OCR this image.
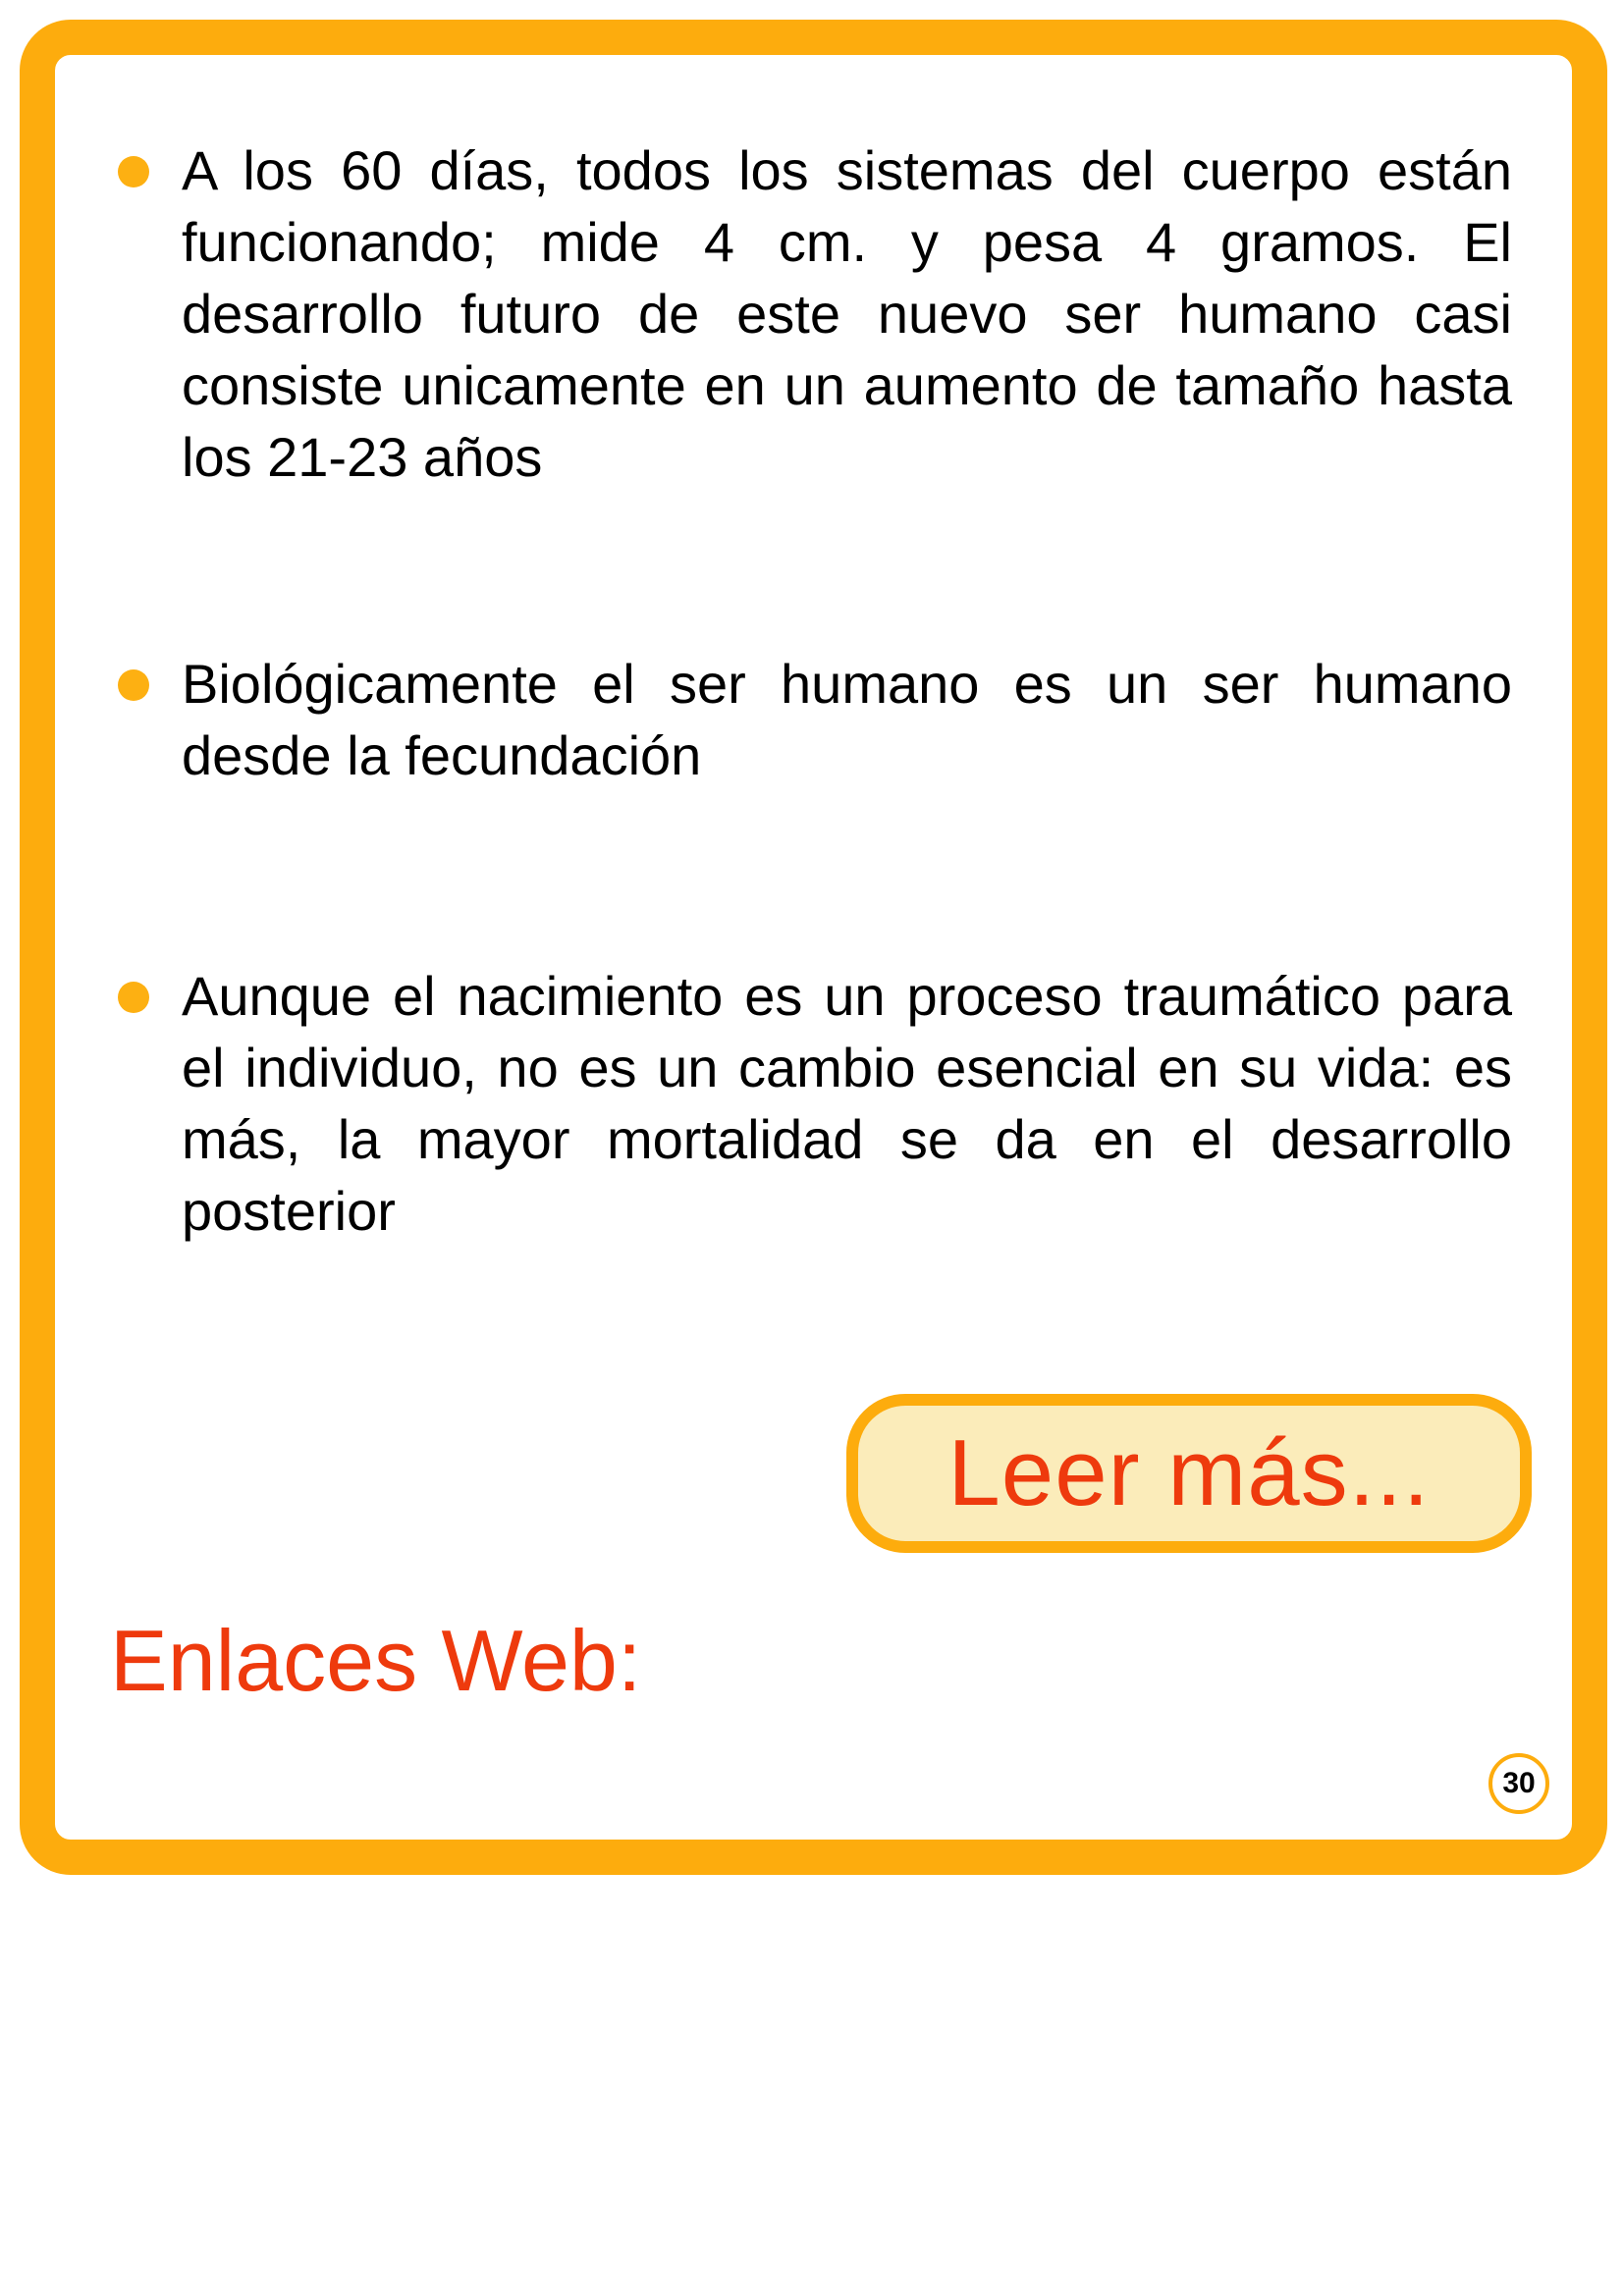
A los 60 días, todos los sistemas del cuerpo están funcionando; mide 4 cm. y pesa 4 gramos. El desarrollo futuro de este nuevo ser humano casi consiste unicamente en un aumento de tamaño hasta los 21-23 años

Biológicamente el ser humano es un ser humano desde la fecundación

Aunque el nacimiento es un proceso traumático para el individuo, no es un cambio esencial en su vida: es más, la mayor mortalidad se da en el desarrollo posterior

Leer más...
Enlaces Web:
30
